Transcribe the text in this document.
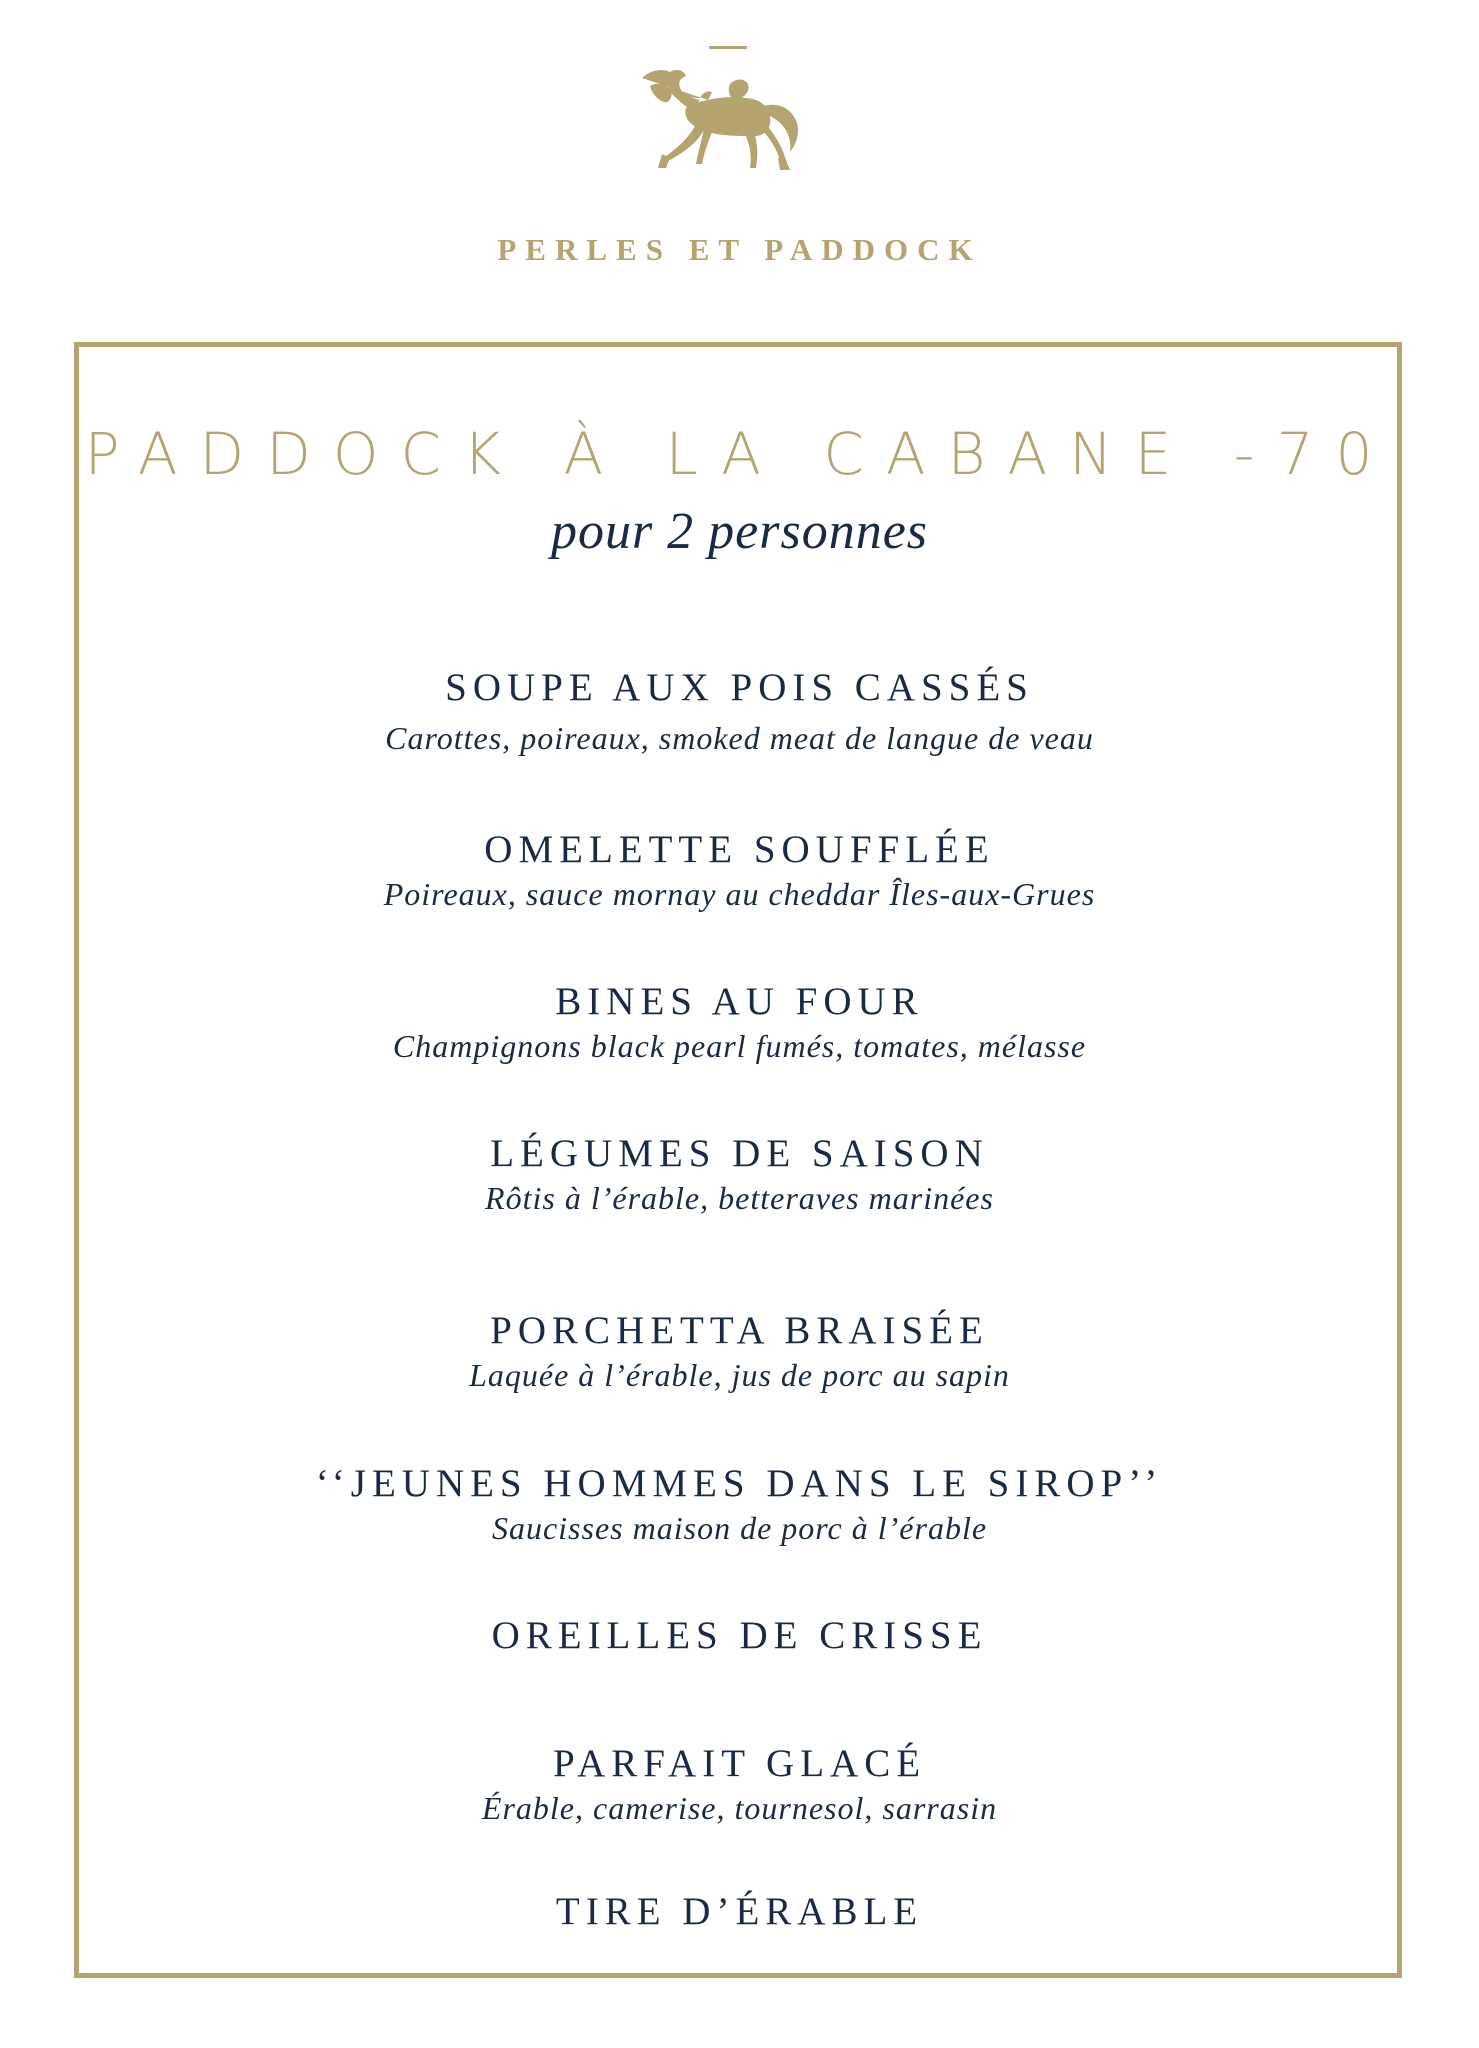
PERLES ET PADDOCK
PADDOCK À LA CABANE -70
pour 2 personnes
SOUPE AUX POIS CASSÉS
Carottes, poireaux, smoked meat de langue de veau
OMELETTE SOUFFLÉE
Poireaux, sauce mornay au cheddar Îles-aux-Grues
BINES AU FOUR
Champignons black pearl fumés, tomates, mélasse
LÉGUMES DE SAISON
Rôtis à l’érable, betteraves marinées
PORCHETTA BRAISÉE
Laquée à l’érable, jus de porc au sapin
‘‘JEUNES HOMMES DANS LE SIROP’’
Saucisses maison de porc à l’érable
OREILLES DE CRISSE
PARFAIT GLACÉ
Érable, camerise, tournesol, sarrasin
TIRE D’ÉRABLE
